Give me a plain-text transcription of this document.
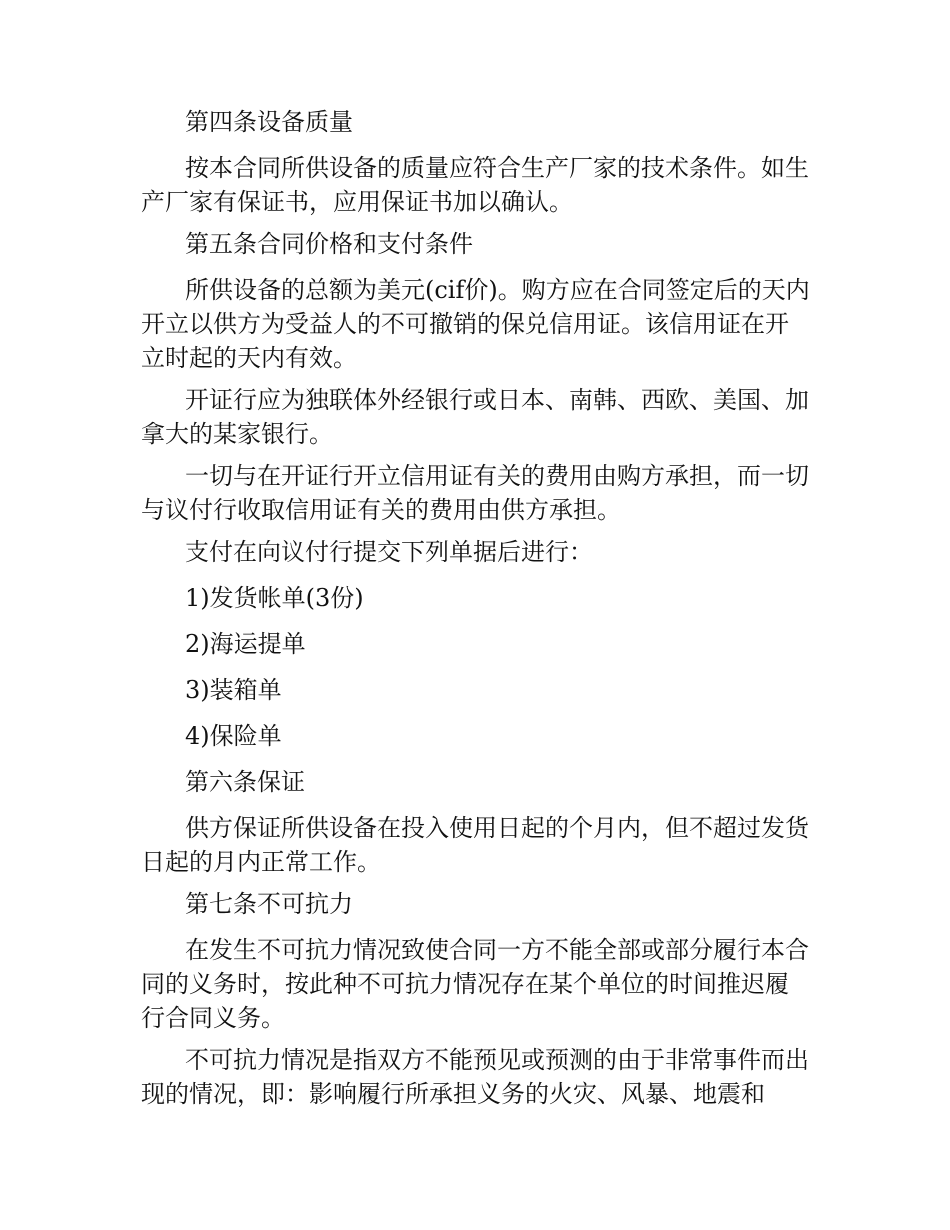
第四条设备质量

按本合同所供设备的质量应符合生产厂家的技术条件。如生产厂家有保证书，应用保证书加以确认。

第五条合同价格和支付条件

所供设备的总额为美元(cif价)。购方应在合同签定后的天内开立以供方为受益人的不可撤销的保兑信用证。该信用证在开立时起的天内有效。

开证行应为独联体外经银行或日本、南韩、西欧、美国、加拿大的某家银行。

一切与在开证行开立信用证有关的费用由购方承担，而一切与议付行收取信用证有关的费用由供方承担。

支付在向议付行提交下列单据后进行：

1)发货帐单(3份)

2)海运提单

3)装箱单

4)保险单

第六条保证

供方保证所供设备在投入使用日起的个月内，但不超过发货日起的月内正常工作。

第七条不可抗力

在发生不可抗力情况致使合同一方不能全部或部分履行本合同的义务时，按此种不可抗力情况存在某个单位的时间推迟履行合同义务。

不可抗力情况是指双方不能预见或预测的由于非常事件而出现的情况，即：影响履行所承担义务的火灾、风暴、地震和
